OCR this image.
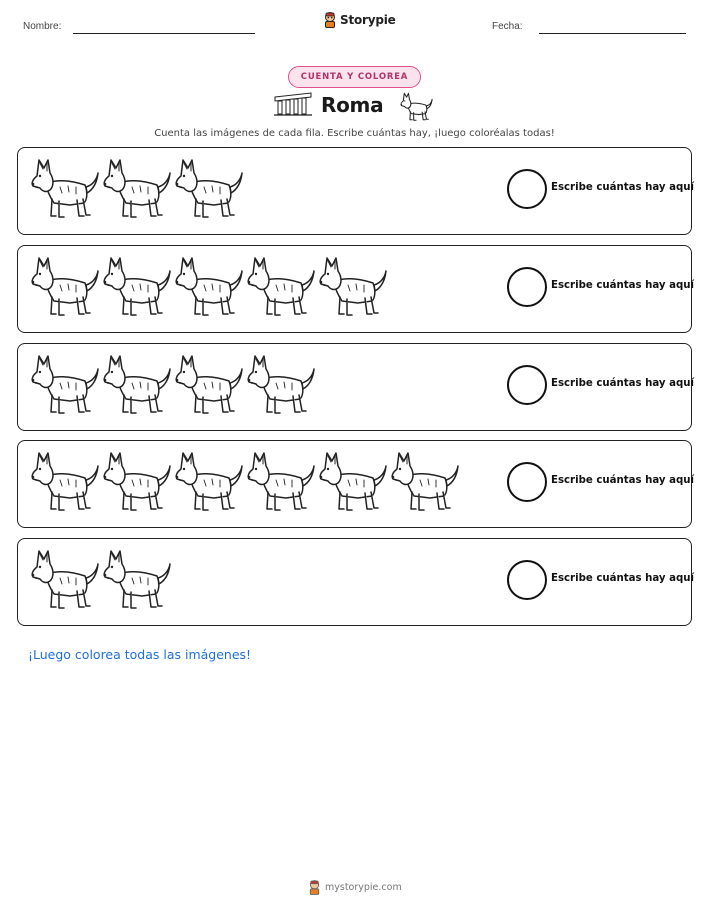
Nombre:	Storypie	Fecha:
CUENTA Y COLOREA
Roma
Cuenta las imágenes de cada fila. Escribe cuántas hay, ¡luego coloréalas todas!
Escribe cuántas hay aquí
Escribe cuántas hay aquí
Escribe cuántas hay aquí
Escribe cuántas hay aquí
Escribe cuántas hay aquí
¡Luego colorea todas las imágenes!
mystorypie.com
